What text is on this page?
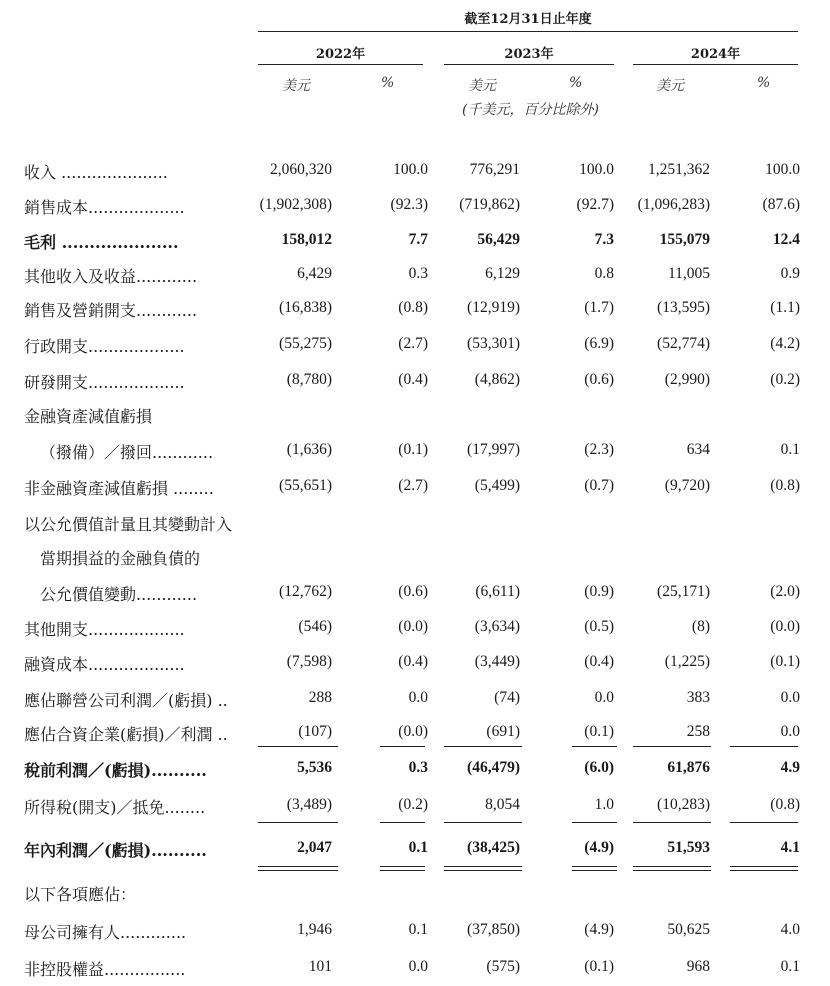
截至12月31日止年度
2022年	2023年	2024年
美元	%	美元	%	美元	%
(千美元，百分比除外)
收入 .....................	2,060,320	100.0	776,291	100.0 1,251,362	100.0
銷售成本...................	(1,902,308)	(92.3) (719,862)	(92.7) (1,096,283)	(87.6)
毛利 .....................	158,012	7.7	56,429	7.3	155,079	12.4
其他收入及收益............	6,429	0.3	6,129	0.8	11,005	0.9
銷售及營銷開支............	(16,838)	(0.8)	(12,919)	(1.7)	(13,595)	(1.1)
行政開支...................	(55,275)	(2.7)	(53,301)	(6.9)	(52,774)	(4.2)
研發開支...................	(8,780)	(0.4)	(4,862)	(0.6)	(2,990)	(0.2)
金融資產減值虧損
（撥備）／撥回............	(1,636)	(0.1)	(17,997)	(2.3)	634	0.1
非金融資產減值虧損 ........	(55,651)	(2.7)	(5,499)	(0.7)	(9,720)	(0.8)
以公允價值計量且其變動計入
當期損益的金融負債的
公允價值變動............	(12,762)	(0.6)	(6,611)	(0.9)	(25,171)	(2.0)
其他開支...................	(546)	(0.0)	(3,634)	(0.5)	(8)	(0.0)
融資成本...................	(7,598)	(0.4)	(3,449)	(0.4)	(1,225)	(0.1)
應佔聯營公司利潤／(虧損) ..	288	0.0	(74)	0.0	383	0.0
應佔合資企業(虧損)／利潤 ..	(107)	(0.0)	(691)	(0.1)	258	0.0
稅前利潤／(虧損)..........	5,536	0.3	(46,479)	(6.0)	61,876	4.9
所得稅(開支)／抵免........	(3,489)	(0.2)	8,054	1.0	(10,283)	(0.8)
年內利潤／(虧損)..........	2,047	0.1	(38,425)	(4.9)	51,593	4.1
以下各項應佔：
母公司擁有人.............	1,946	0.1	(37,850)	(4.9)	50,625	4.0
非控股權益................	101	0.0	(575)	(0.1)	968	0.1
